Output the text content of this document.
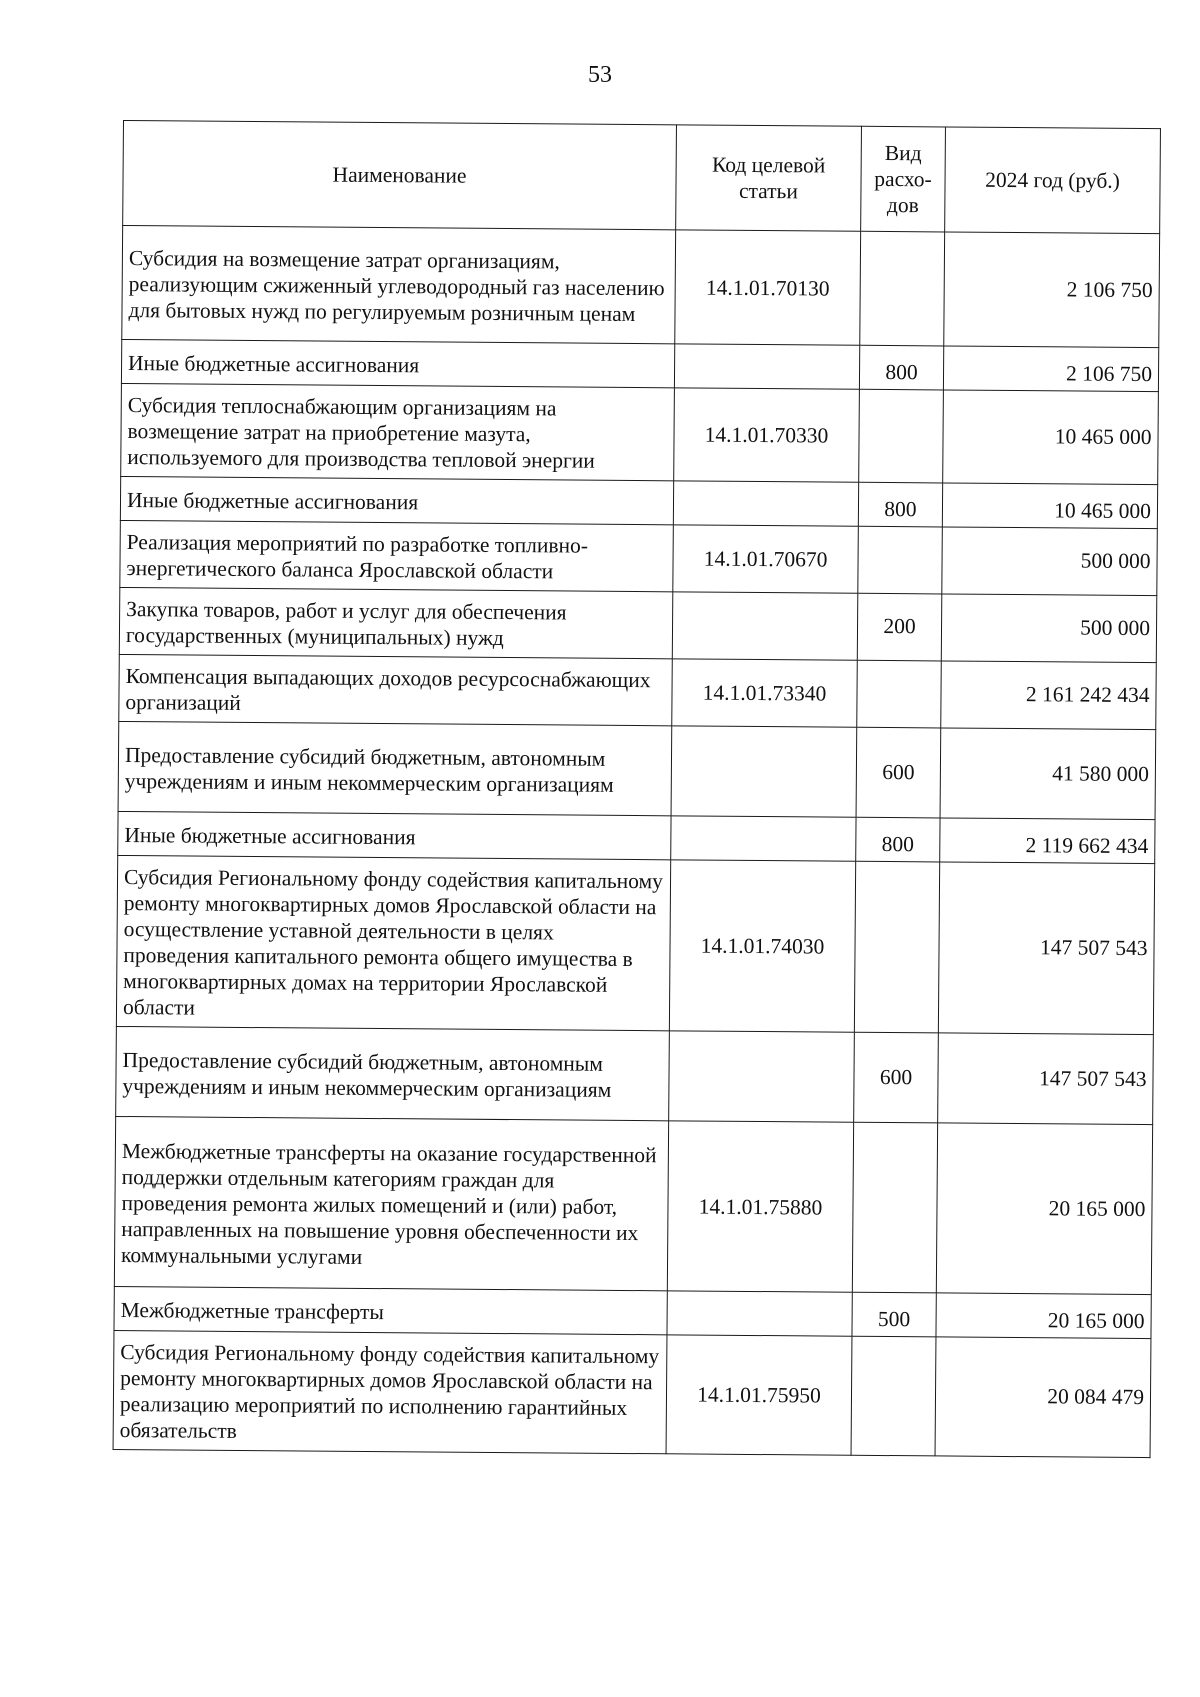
53
Наименование	Код целевой статьи	Вид расхо-дов	2024 год (руб.)
Субсидия на возмещение затрат организациям, реализующим сжиженный углеводородный газ населению для бытовых нужд по регулируемым розничным ценам	14.1.01.70130		2 106 750
Иные бюджетные ассигнования		800	2 106 750
Субсидия теплоснабжающим организациям на возмещение затрат на приобретение мазута, используемого для производства тепловой энергии	14.1.01.70330		10 465 000
Иные бюджетные ассигнования		800	10 465 000
Реализация мероприятий по разработке топливно-энергетического баланса Ярославской области	14.1.01.70670		500 000
Закупка товаров, работ и услуг для обеспечения государственных (муниципальных) нужд		200	500 000
Компенсация выпадающих доходов ресурсоснабжающих организаций	14.1.01.73340		2 161 242 434
Предоставление субсидий бюджетным, автономным учреждениям и иным некоммерческим организациям		600	41 580 000
Иные бюджетные ассигнования		800	2 119 662 434
Субсидия Региональному фонду содействия капитальному ремонту многоквартирных домов Ярославской области на осуществление уставной деятельности в целях проведения капитального ремонта общего имущества в многоквартирных домах на территории Ярославской области	14.1.01.74030		147 507 543
Предоставление субсидий бюджетным, автономным учреждениям и иным некоммерческим организациям		600	147 507 543
Межбюджетные трансферты на оказание государственной поддержки отдельным категориям граждан для проведения ремонта жилых помещений и (или) работ, направленных на повышение уровня обеспеченности их коммунальными услугами	14.1.01.75880		20 165 000
Межбюджетные трансферты		500	20 165 000
Субсидия Региональному фонду содействия капитальному ремонту многоквартирных домов Ярославской области на реализацию мероприятий по исполнению гарантийных обязательств	14.1.01.75950		20 084 479
